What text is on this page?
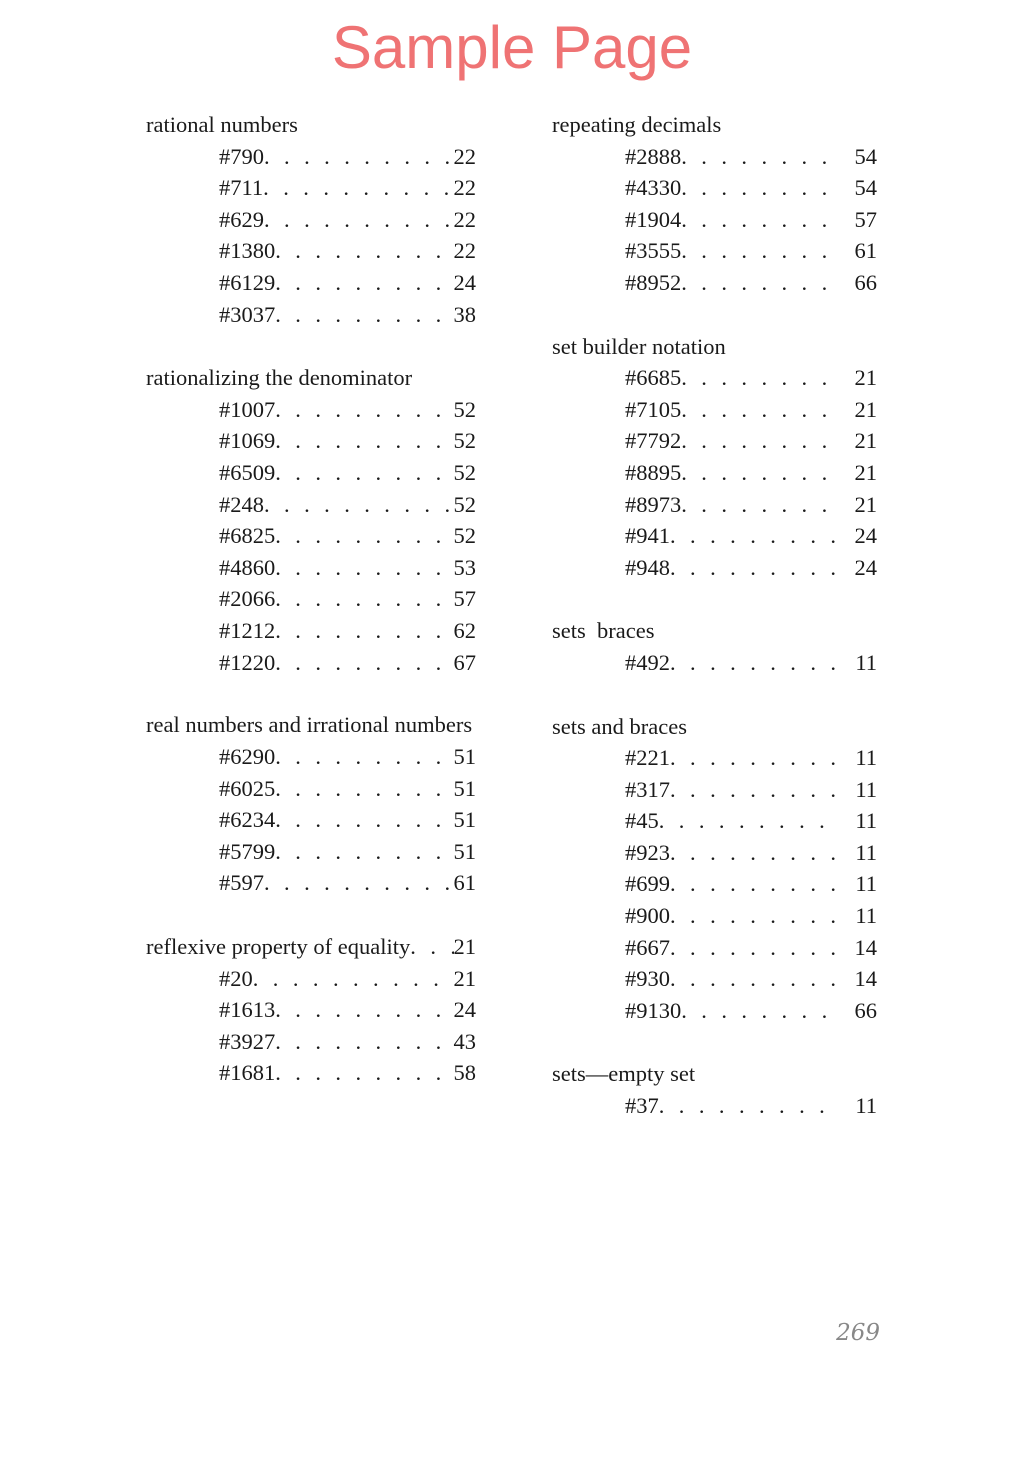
Sample Page
rational numbers
#790 . . .	22
#711 . . .	22
#629 . . .	22
#1380 . . .	22
#6129 . . .	24
#3037 . . .	38
rationalizing the denominator
#1007 . . .	52
#1069 . . .	52
#6509 . . .	52
#248 . . .	52
#6825 . . .	52
#4860 . . .	53
#2066 . . .	57
#1212 . . .	62
#1220 . . .	67
real numbers and irrational numbers
#6290 . . .	51
#6025 . . .	51
#6234 . . .	51
#5799 . . .	51
#597 . . .	61
reflexive property of equality . . . 21
#20 . . .	21
#1613 . . .	24
#3927 . . .	43
#1681 . . .	58
repeating decimals
#2888 . . .	54
#4330 . . .	54
#1904 . . .	57
#3555 . . .	61
#8952 . . .	66
set builder notation
#6685 . . .	21
#7105 . . .	21
#7792 . . .	21
#8895 . . .	21
#8973 . . .	21
#941 . . .	24
#948 . . .	24
sets  braces
#492 . . .	11
sets and braces
#221 . . .	11
#317 . . .	11
#45 . . .	11
#923 . . .	11
#699 . . .	11
#900 . . .	11
#667 . . .	14
#930 . . .	14
#9130 . . .	66
sets—empty set
#37 . . .	11
269
